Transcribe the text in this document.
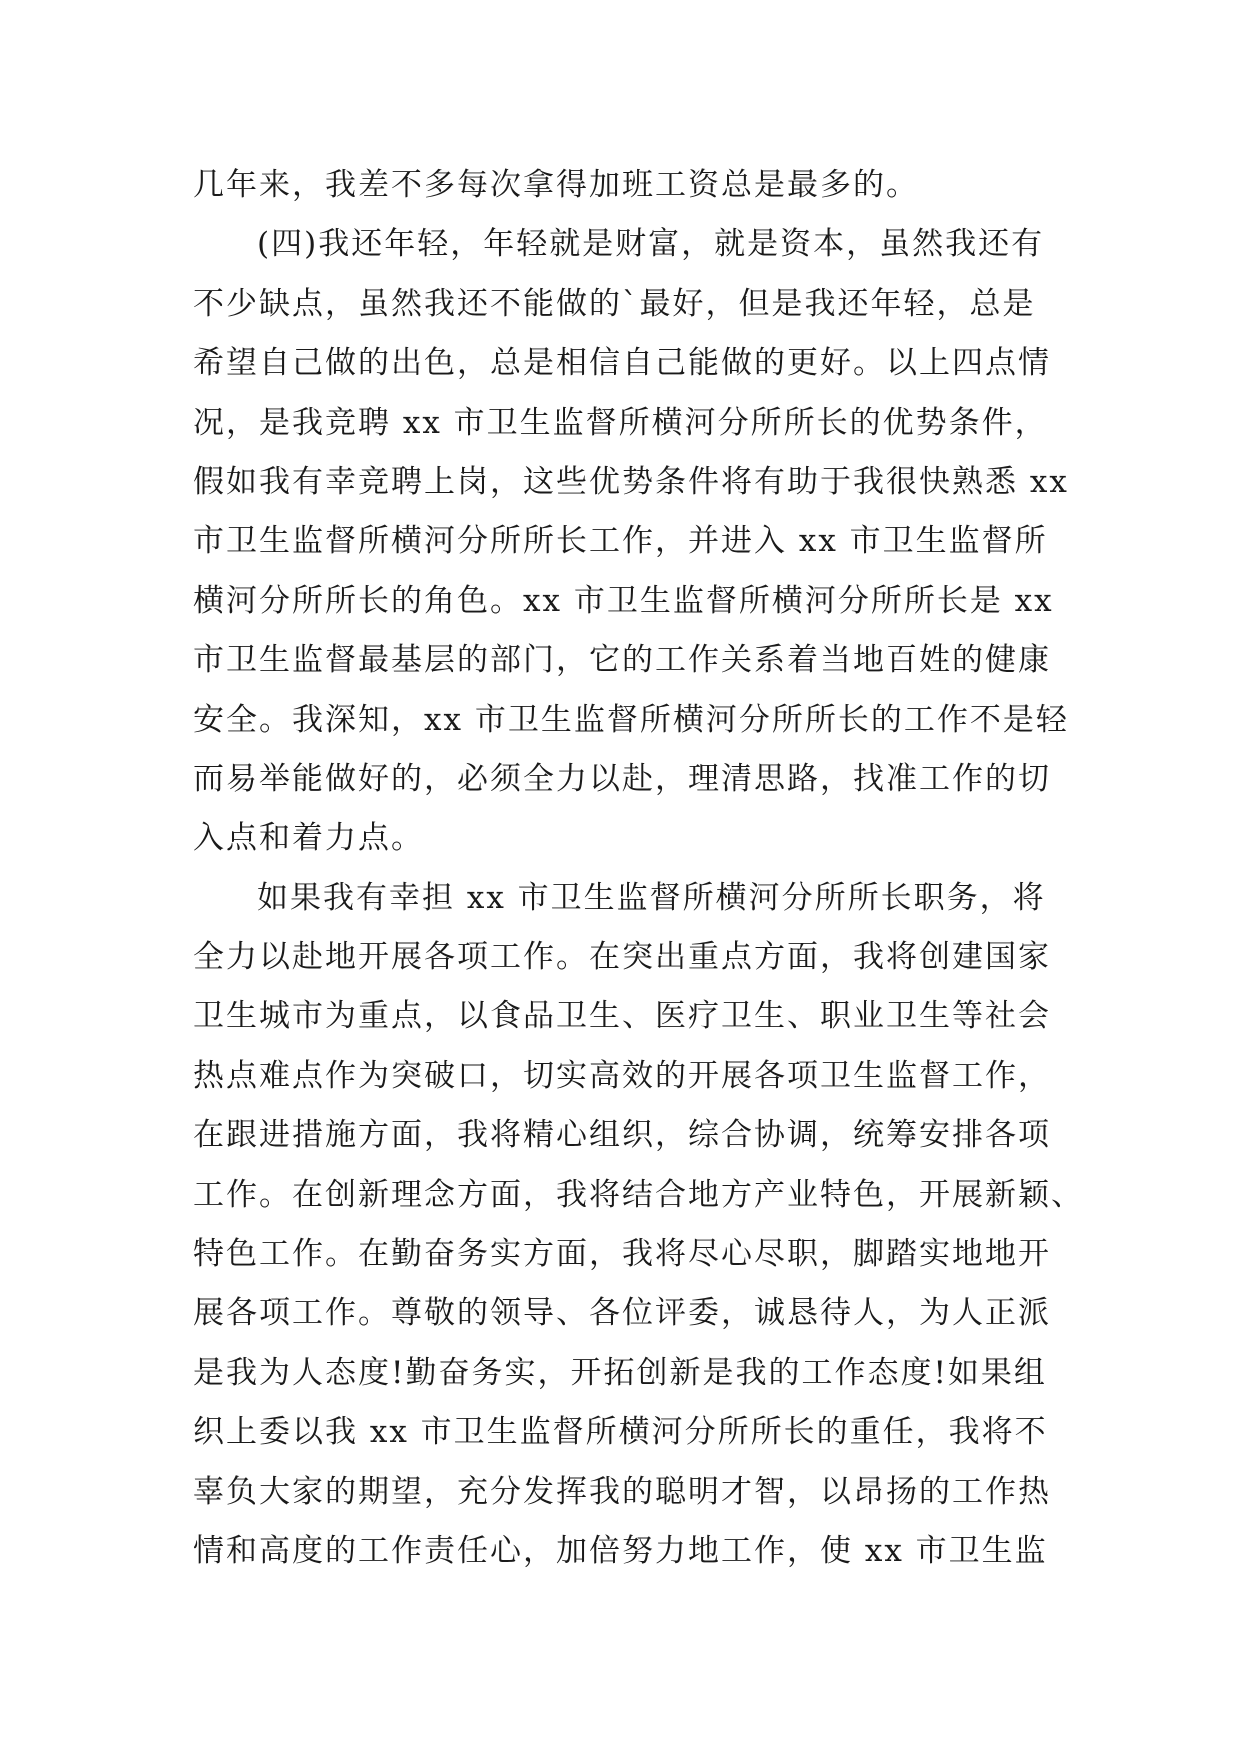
几年来，我差不多每次拿得加班工资总是最多的。
(四)我还年轻，年轻就是财富，就是资本，虽然我还有
不少缺点，虽然我还不能做的`最好，但是我还年轻，总是
希望自己做的出色，总是相信自己能做的更好。以上四点情
况，是我竞聘 xx 市卫生监督所横河分所所长的优势条件，
假如我有幸竞聘上岗，这些优势条件将有助于我很快熟悉 xx
市卫生监督所横河分所所长工作，并进入 xx 市卫生监督所
横河分所所长的角色。xx 市卫生监督所横河分所所长是 xx
市卫生监督最基层的部门，它的工作关系着当地百姓的健康
安全。我深知，xx 市卫生监督所横河分所所长的工作不是轻
而易举能做好的，必须全力以赴，理清思路，找准工作的切
入点和着力点。
如果我有幸担 xx 市卫生监督所横河分所所长职务，将
全力以赴地开展各项工作。在突出重点方面，我将创建国家
卫生城市为重点，以食品卫生、医疗卫生、职业卫生等社会
热点难点作为突破口，切实高效的开展各项卫生监督工作，
在跟进措施方面，我将精心组织，综合协调，统筹安排各项
工作。在创新理念方面，我将结合地方产业特色，开展新颖、
特色工作。在勤奋务实方面，我将尽心尽职，脚踏实地地开
展各项工作。尊敬的领导、各位评委，诚恳待人，为人正派
是我为人态度!勤奋务实，开拓创新是我的工作态度!如果组
织上委以我 xx 市卫生监督所横河分所所长的重任，我将不
辜负大家的期望，充分发挥我的聪明才智，以昂扬的工作热
情和高度的工作责任心，加倍努力地工作，使 xx 市卫生监
